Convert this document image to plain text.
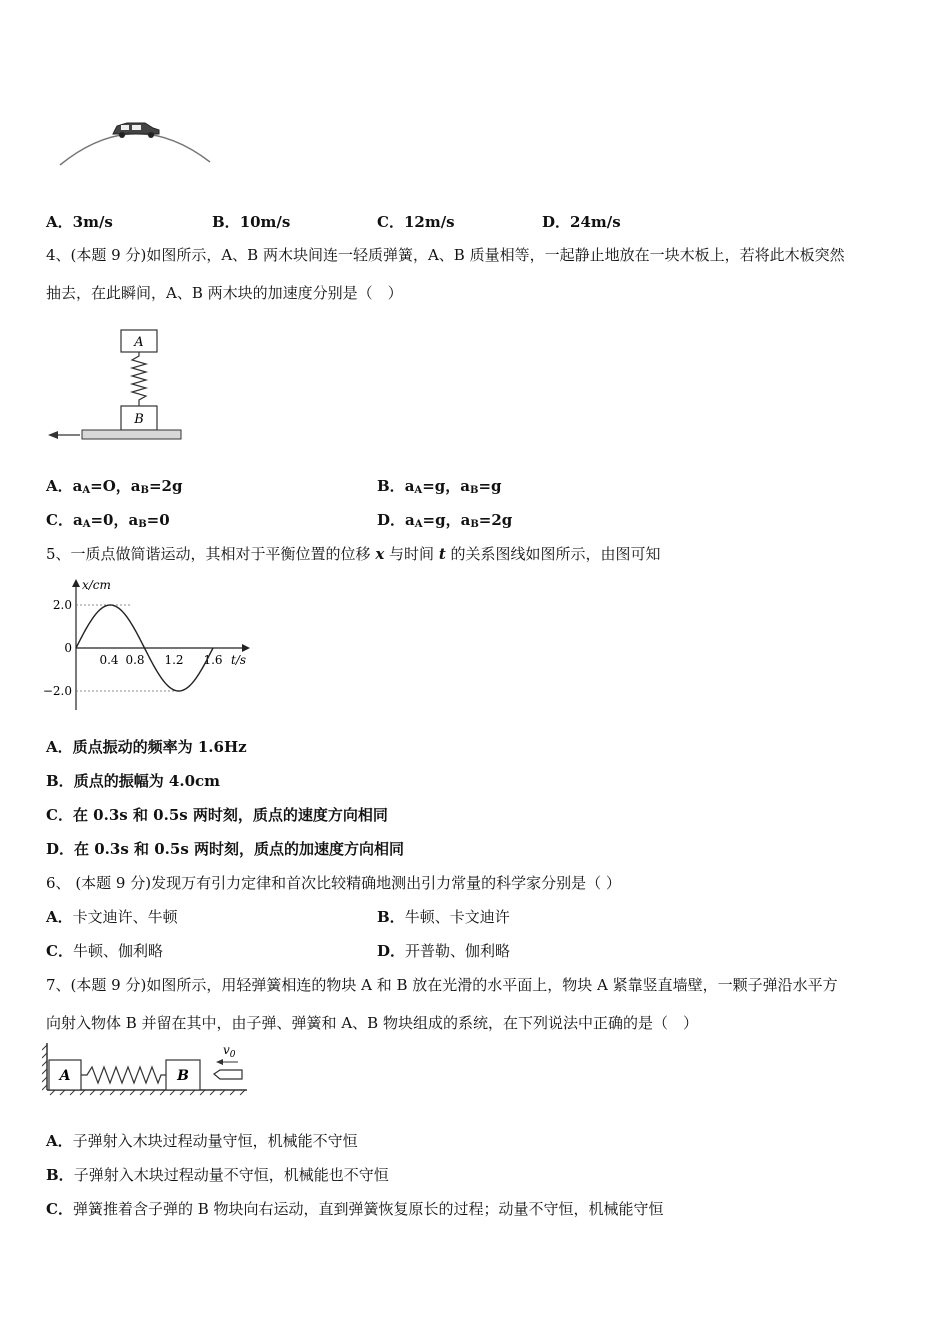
A．3m/s	B．10m/s	C．12m/s	D．24m/s
4、(本题 9 分)如图所示，A、B 两木块间连一轻质弹簧，A、B 质量相等，一起静止地放在一块木板上，若将此木板突然
抽去，在此瞬间，A、B 两木块的加速度分别是（　）
A
B
A．$a_A=O$，$a_B=2g$	B．$a_A=g$，$a_B=g$
C．$a_A=0$，$a_B=0$	D．$a_A=g$，$a_B=2g$
5、一质点做简谐运动，其相对于平衡位置的位移 x 与时间 t 的关系图线如图所示，由图可知
x/cm
t/s
2.0
0
−2.0
0.4 0.8 1.2 1.6
A．质点振动的频率为 1.6Hz
B．质点的振幅为 4.0cm
C．在 0.3s 和 0.5s 两时刻，质点的速度方向相同
D．在 0.3s 和 0.5s 两时刻，质点的加速度方向相同
6、 (本题 9 分)发现万有引力定律和首次比较精确地测出引力常量的科学家分别是（ ）
A．卡文迪许、牛顿	B．牛顿、卡文迪许
C．牛顿、伽利略	D．开普勒、伽利略
7、(本题 9 分)如图所示，用轻弹簧相连的物块 A 和 B 放在光滑的水平面上，物块 A 紧靠竖直墙壁，一颗子弹沿水平方
向射入物体 B 并留在其中，由子弹、弹簧和 A、B 物块组成的系统，在下列说法中正确的是（　）
A	B
$v_0$
A．子弹射入木块过程动量守恒，机械能不守恒
B．子弹射入木块过程动量不守恒，机械能也不守恒
C．弹簧推着含子弹的 B 物块向右运动，直到弹簧恢复原长的过程；动量不守恒，机械能守恒
